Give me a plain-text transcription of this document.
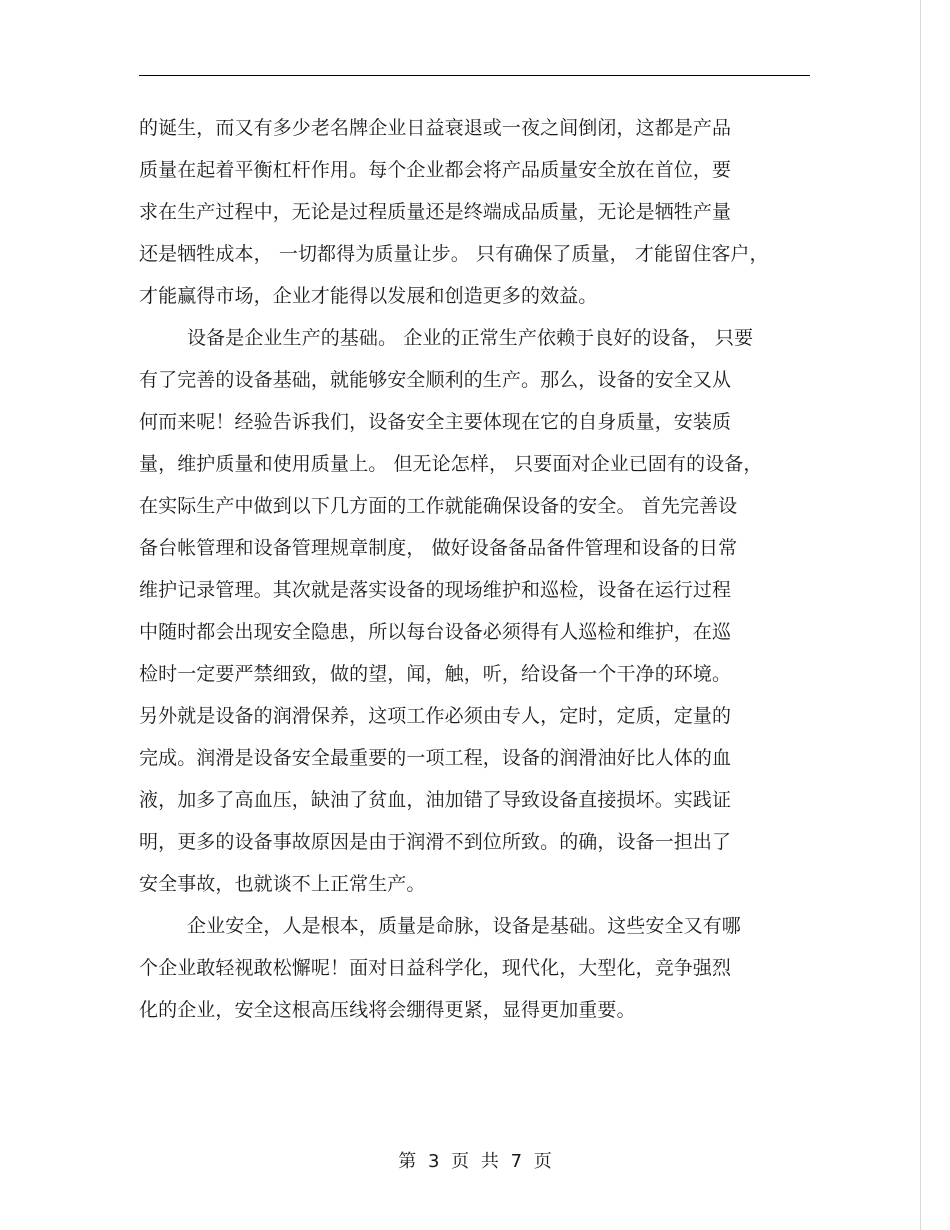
的诞生，而又有多少老名牌企业日益衰退或一夜之间倒闭，这都是产品
质量在起着平衡杠杆作用。每个企业都会将产品质量安全放在首位，要
求在生产过程中，无论是过程质量还是终端成品质量，无论是牺牲产量
还是牺牲成本， 一切都得为质量让步。 只有确保了质量， 才能留住客户，
才能赢得市场，企业才能得以发展和创造更多的效益。
设备是企业生产的基础。 企业的正常生产依赖于良好的设备， 只要
有了完善的设备基础，就能够安全顺利的生产。那么，设备的安全又从
何而来呢！经验告诉我们，设备安全主要体现在它的自身质量，安装质
量，维护质量和使用质量上。 但无论怎样， 只要面对企业已固有的设备，
在实际生产中做到以下几方面的工作就能确保设备的安全。 首先完善设
备台帐管理和设备管理规章制度， 做好设备备品备件管理和设备的日常
维护记录管理。其次就是落实设备的现场维护和巡检，设备在运行过程
中随时都会出现安全隐患，所以每台设备必须得有人巡检和维护，在巡
检时一定要严禁细致，做的望，闻，触，听，给设备一个干净的环境。
另外就是设备的润滑保养，这项工作必须由专人，定时，定质，定量的
完成。润滑是设备安全最重要的一项工程，设备的润滑油好比人体的血
液，加多了高血压，缺油了贫血，油加错了导致设备直接损坏。实践证
明，更多的设备事故原因是由于润滑不到位所致。的确，设备一担出了
安全事故，也就谈不上正常生产。
企业安全，人是根本，质量是命脉，设备是基础。这些安全又有哪
个企业敢轻视敢松懈呢！面对日益科学化，现代化，大型化，竞争强烈
化的企业，安全这根高压线将会绷得更紧，显得更加重要。
第 3 页 共 7 页
